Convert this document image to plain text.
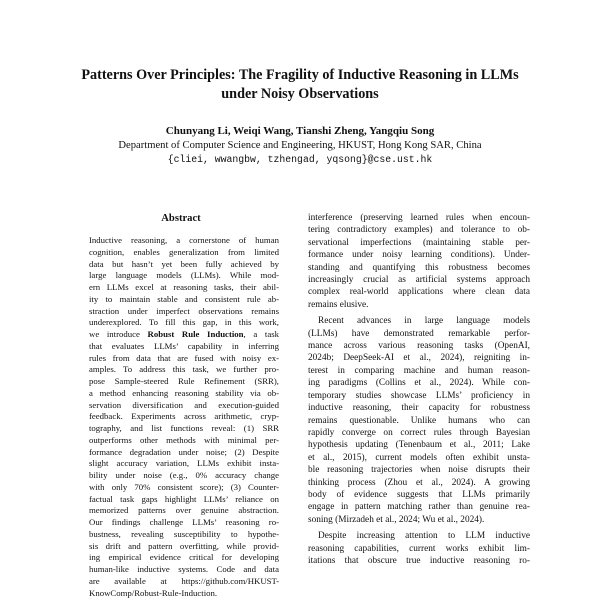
Patterns Over Principles: The Fragility of Inductive Reasoning in LLMs
under Noisy Observations
Chunyang Li, Weiqi Wang, Tianshi Zheng, Yangqiu Song
Department of Computer Science and Engineering, HKUST, Hong Kong SAR, China
{cliei, wwangbw, tzhengad, yqsong}@cse.ust.hk
Abstract
Inductive reasoning, a cornerstone of human
cognition, enables generalization from limited
data but hasn’t yet been fully achieved by
large language models (LLMs). While mod-
ern LLMs excel at reasoning tasks, their abil-
ity to maintain stable and consistent rule ab-
straction under imperfect observations remains
underexplored. To fill this gap, in this work,
we introduce Robust Rule Induction, a task
that evaluates LLMs’ capability in inferring
rules from data that are fused with noisy ex-
amples. To address this task, we further pro-
pose Sample-steered Rule Refinement (SRR),
a method enhancing reasoning stability via ob-
servation diversification and execution-guided
feedback. Experiments across arithmetic, cryp-
tography, and list functions reveal: (1) SRR
outperforms other methods with minimal per-
formance degradation under noise; (2) Despite
slight accuracy variation, LLMs exhibit insta-
bility under noise (e.g., 0% accuracy change
with only 70% consistent score); (3) Counter-
factual task gaps highlight LLMs’ reliance on
memorized patterns over genuine abstraction.
Our findings challenge LLMs’ reasoning ro-
bustness, revealing susceptibility to hypothe-
sis drift and pattern overfitting, while provid-
ing empirical evidence critical for developing
human-like inductive systems. Code and data
are available at https://github.com/HKUST-
KnowComp/Robust-Rule-Induction.
interference (preserving learned rules when encoun-
tering contradictory examples) and tolerance to ob-
servational imperfections (maintaining stable per-
formance under noisy learning conditions). Under-
standing and quantifying this robustness becomes
increasingly crucial as artificial systems approach
complex real-world applications where clean data
remains elusive.
Recent advances in large language models
(LLMs) have demonstrated remarkable perfor-
mance across various reasoning tasks (OpenAI,
2024b; DeepSeek-AI et al., 2024), reigniting in-
terest in comparing machine and human reason-
ing paradigms (Collins et al., 2024). While con-
temporary studies showcase LLMs’ proficiency in
inductive reasoning, their capacity for robustness
remains questionable. Unlike humans who can
rapidly converge on correct rules through Bayesian
hypothesis updating (Tenenbaum et al., 2011; Lake
et al., 2015), current models often exhibit unsta-
ble reasoning trajectories when noise disrupts their
thinking process (Zhou et al., 2024). A growing
body of evidence suggests that LLMs primarily
engage in pattern matching rather than genuine rea-
soning (Mirzadeh et al., 2024; Wu et al., 2024).
Despite increasing attention to LLM inductive
reasoning capabilities, current works exhibit lim-
itations that obscure true inductive reasoning ro-
